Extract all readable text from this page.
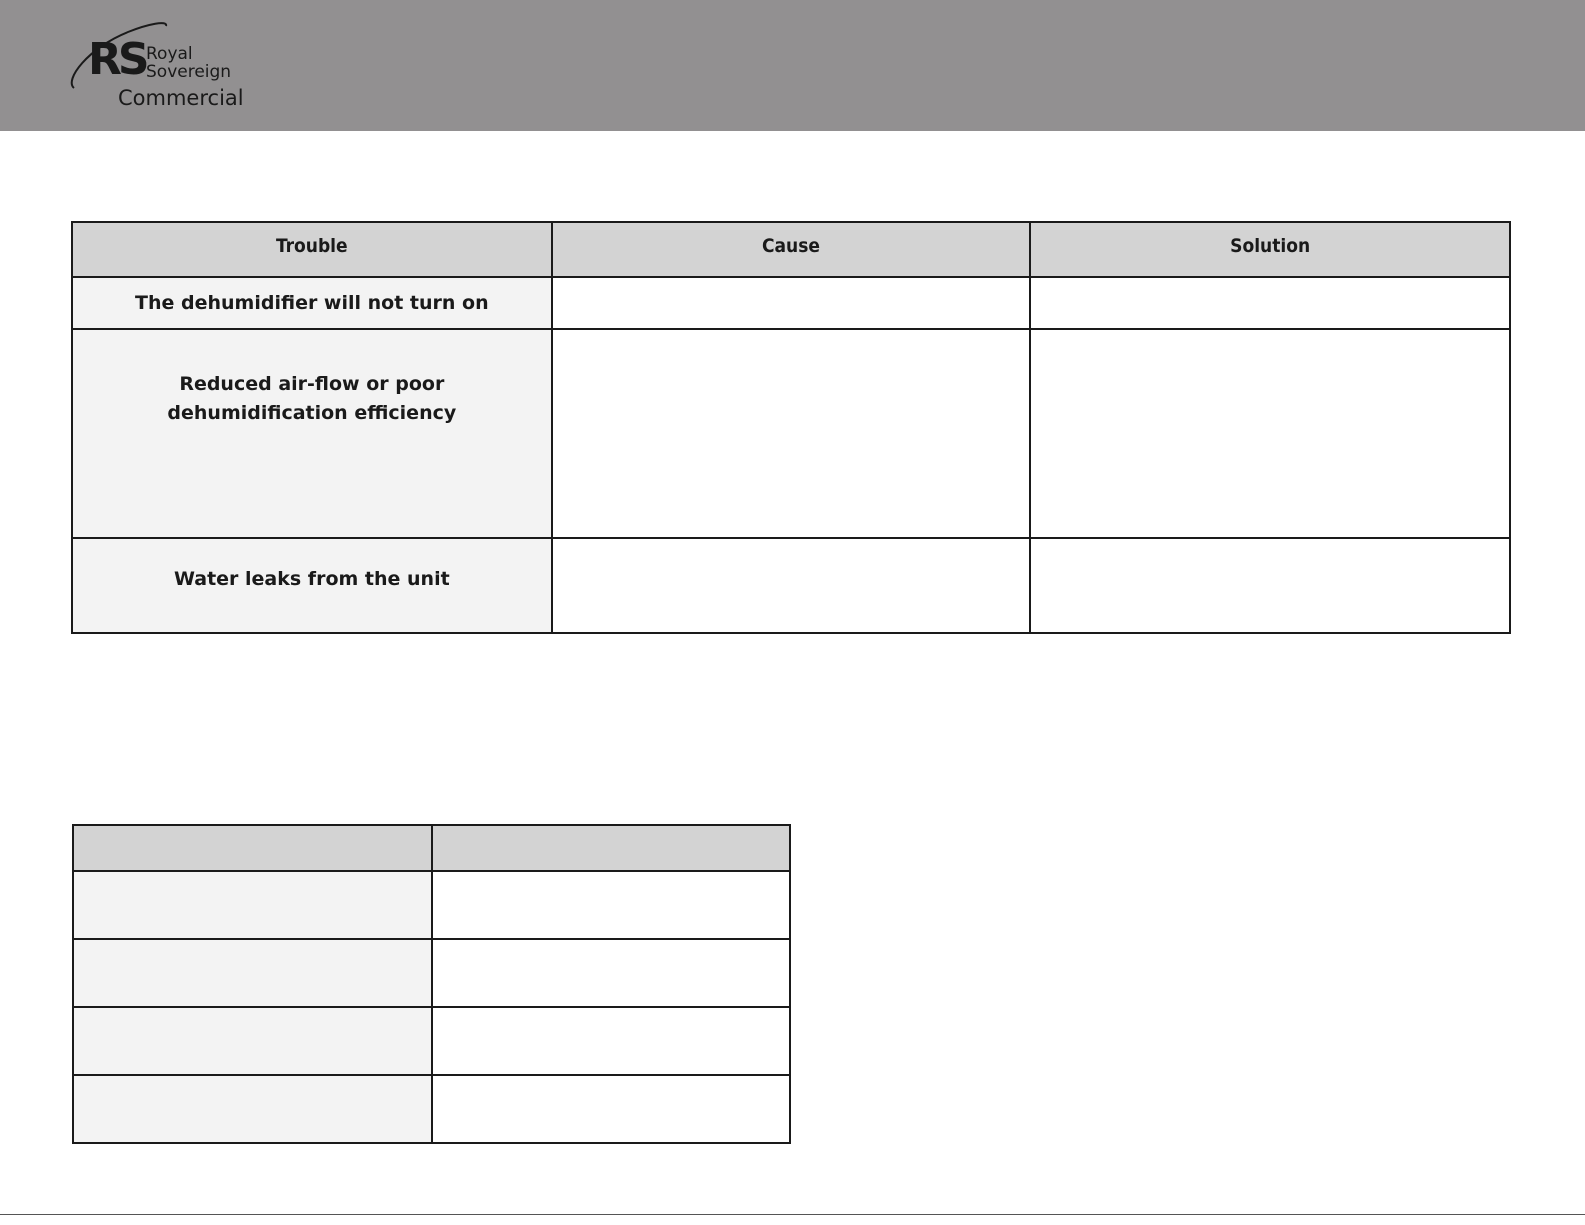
RS Royal
Sovereign
Commercial
Trouble	Cause	Solution
The dehumidifier will not turn on		
Reduced air-flow or poor dehumidification efficiency		
Water leaks from the unit		
